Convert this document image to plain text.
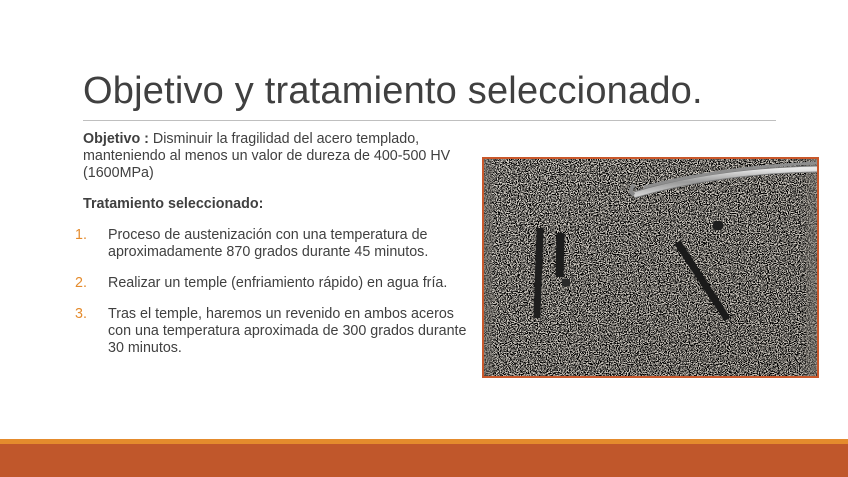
Objetivo y tratamiento seleccionado.

Objetivo : Disminuir la fragilidad del acero templado, manteniendo al menos un valor de dureza de 400-500 HV (1600MPa)

Tratamiento seleccionado:

1. Proceso de austenización con una temperatura de aproximadamente 870 grados durante 45 minutos.
2. Realizar un temple (enfriamiento rápido) en agua fría.
3. Tras el temple, haremos un revenido en ambos aceros con una temperatura aproximada de 300 grados durante 30 minutos.
